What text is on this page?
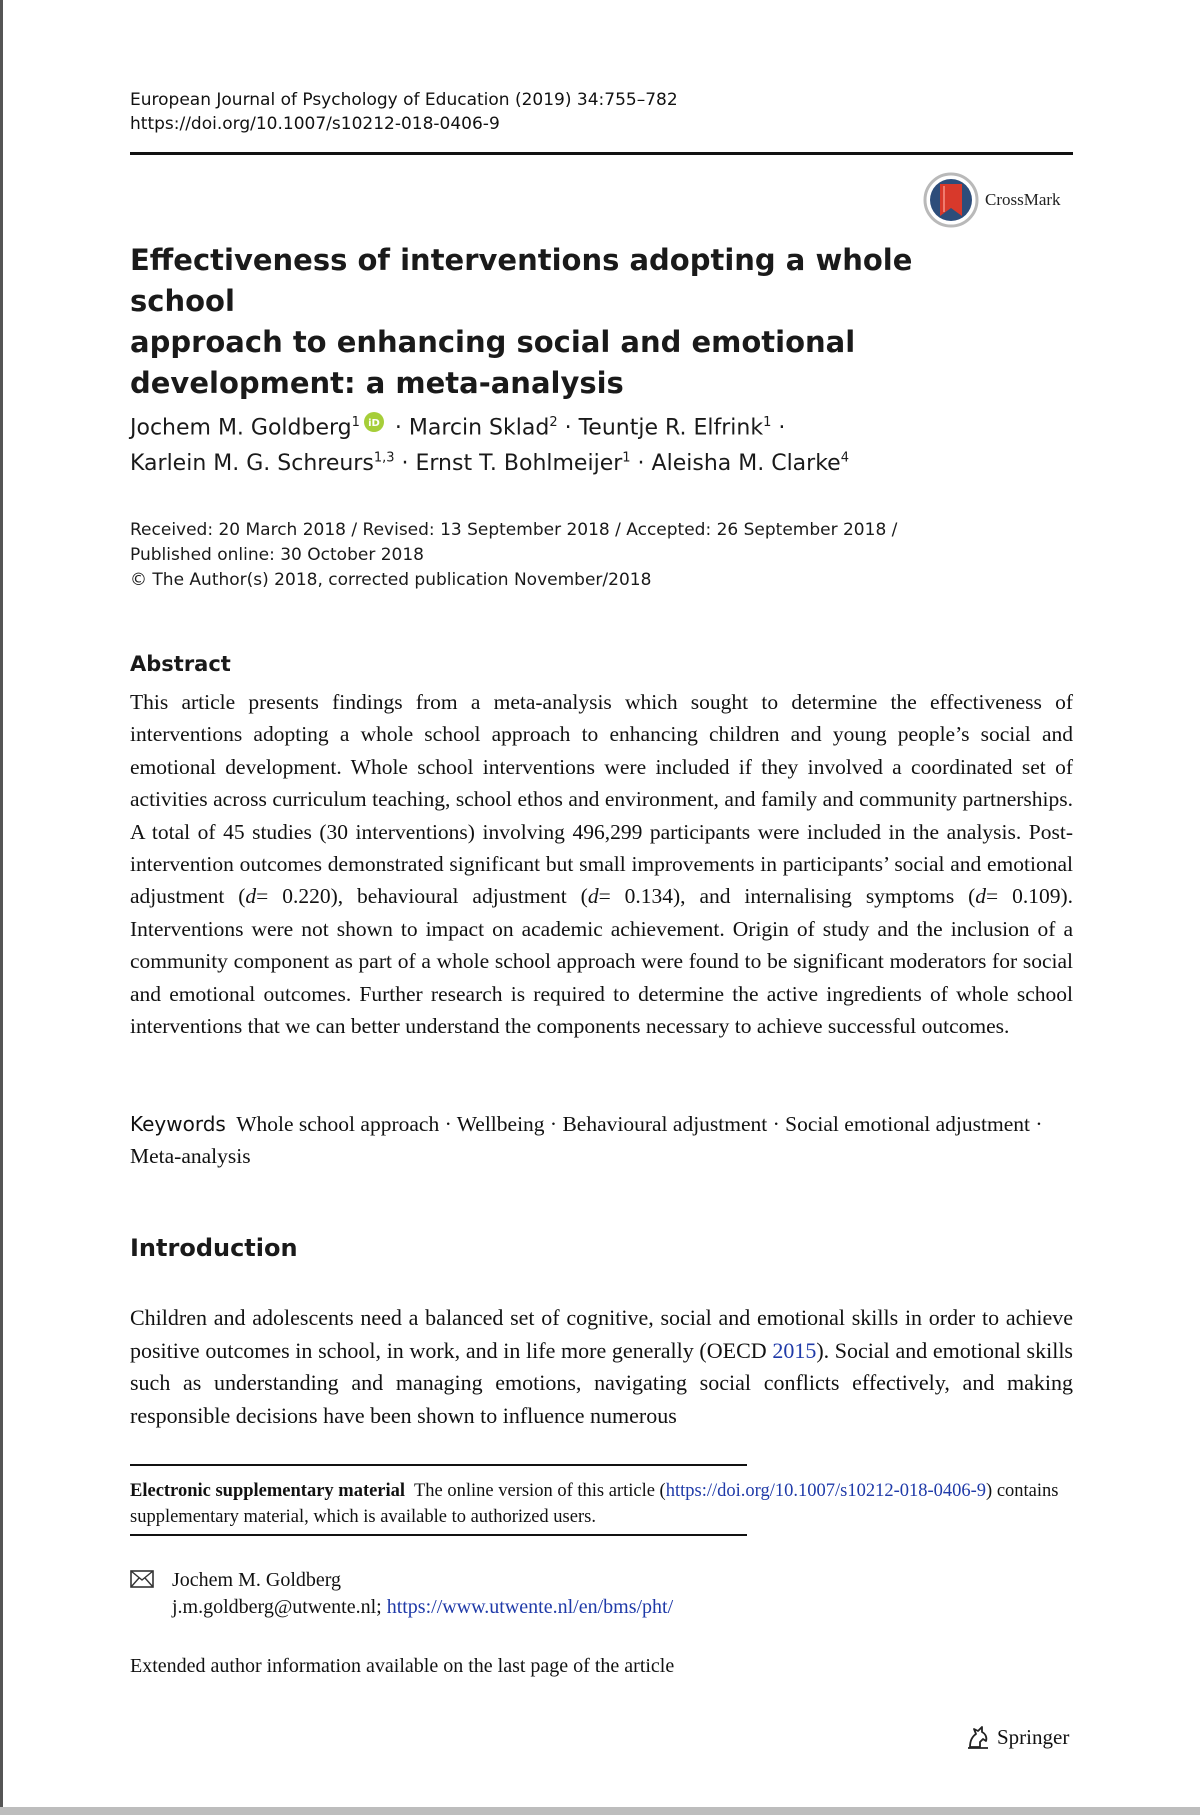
European Journal of Psychology of Education (2019) 34:755–782
https://doi.org/10.1007/s10212-018-0406-9
CrossMark
Effectiveness of interventions adopting a whole school
approach to enhancing social and emotional
development: a meta-analysis
Jochem M. Goldberg$^1$ iD · Marcin Sklad$^2$ · Teuntje R. Elfrink$^1$ ·
Karlein M. G. Schreurs$^{1,3}$ · Ernst T. Bohlmeijer$^1$ · Aleisha M. Clarke$^4$
Received: 20 March 2018 / Revised: 13 September 2018 / Accepted: 26 September 2018 /
Published online: 30 October 2018
© The Author(s) 2018, corrected publication November/2018
Abstract

This article presents findings from a meta-analysis which sought to determine the effectiveness of interventions adopting a whole school approach to enhancing children and young people’s social and emotional development. Whole school interventions were included if they involved a coordinated set of activities across curriculum teaching, school ethos and environment, and family and community partnerships. A total of 45 studies (30 interventions) involving 496,299 participants were included in the analysis. Post-intervention outcomes demonstrated significant but small improvements in participants’ social and emotional adjustment (d= 0.220), behavioural adjustment (d= 0.134), and internalising symptoms (d= 0.109). Interventions were not shown to impact on academic achievement. Origin of study and the inclusion of a community component as part of a whole school approach were found to be significant moderators for social and emotional outcomes. Further research is required to determine the active ingredients of whole school interventions that we can better understand the components necessary to achieve successful outcomes.

Keywords Whole school approach · Wellbeing · Behavioural adjustment · Social emotional adjustment · Meta-analysis
Introduction

Children and adolescents need a balanced set of cognitive, social and emotional skills in order to achieve positive outcomes in school, in work, and in life more generally (OECD 2015). Social and emotional skills such as understanding and managing emotions, navigating social conflicts effectively, and making responsible decisions have been shown to influence numerous

Electronic supplementary material The online version of this article (https://doi.org/10.1007/s10212-018-0406-9) contains supplementary material, which is available to authorized users.
Jochem M. Goldberg
j.m.goldberg@utwente.nl; https://www.utwente.nl/en/bms/pht/
Extended author information available on the last page of the article
Springer
